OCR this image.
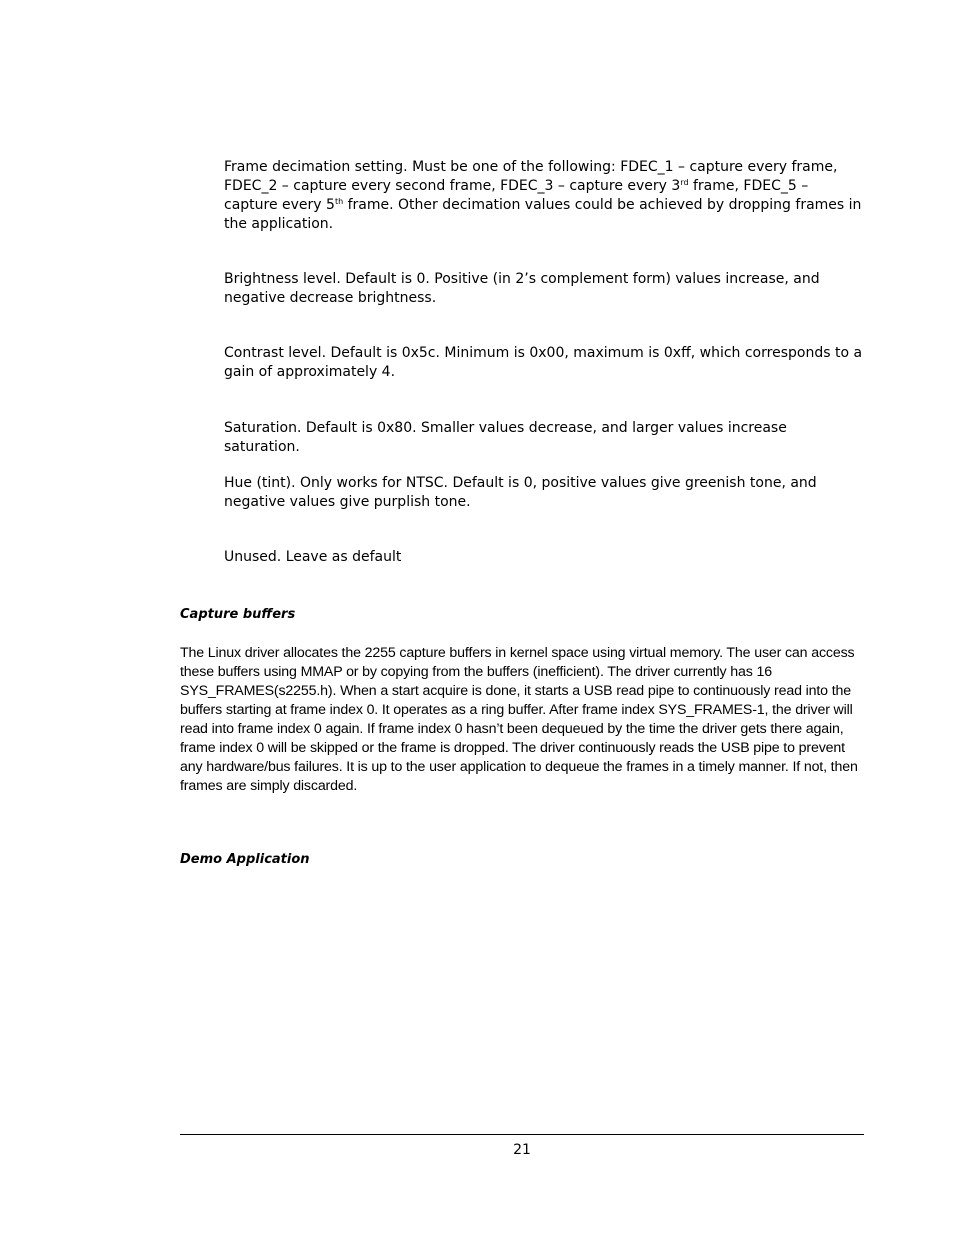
Frame decimation setting. Must be one of the following: FDEC_1 – capture every frame, FDEC_2 – capture every second frame, FDEC_3 – capture every 3rd frame, FDEC_5 – capture every 5th frame. Other decimation values could be achieved by dropping frames in the application.

Brightness level. Default is 0. Positive (in 2’s complement form) values increase, and negative decrease brightness.

Contrast level. Default is 0x5c. Minimum is 0x00, maximum is 0xff, which corresponds to a gain of approximately 4.

Saturation. Default is 0x80. Smaller values decrease, and larger values increase saturation.

Hue (tint). Only works for NTSC. Default is 0, positive values give greenish tone, and negative values give purplish tone.

Unused. Leave as default

Capture buffers

The Linux driver allocates the 2255 capture buffers in kernel space using virtual memory. The user can access these buffers using MMAP or by copying from the buffers (inefficient). The driver currently has 16 SYS_FRAMES(s2255.h). When a start acquire is done, it starts a USB read pipe to continuously read into the buffers starting at frame index 0. It operates as a ring buffer. After frame index SYS_FRAMES-1, the driver will read into frame index 0 again. If frame index 0 hasn’t been dequeued by the time the driver gets there again, frame index 0 will be skipped or the frame is dropped. The driver continuously reads the USB pipe to prevent any hardware/bus failures. It is up to the user application to dequeue the frames in a timely manner. If not, then frames are simply discarded.

Demo Application

21
